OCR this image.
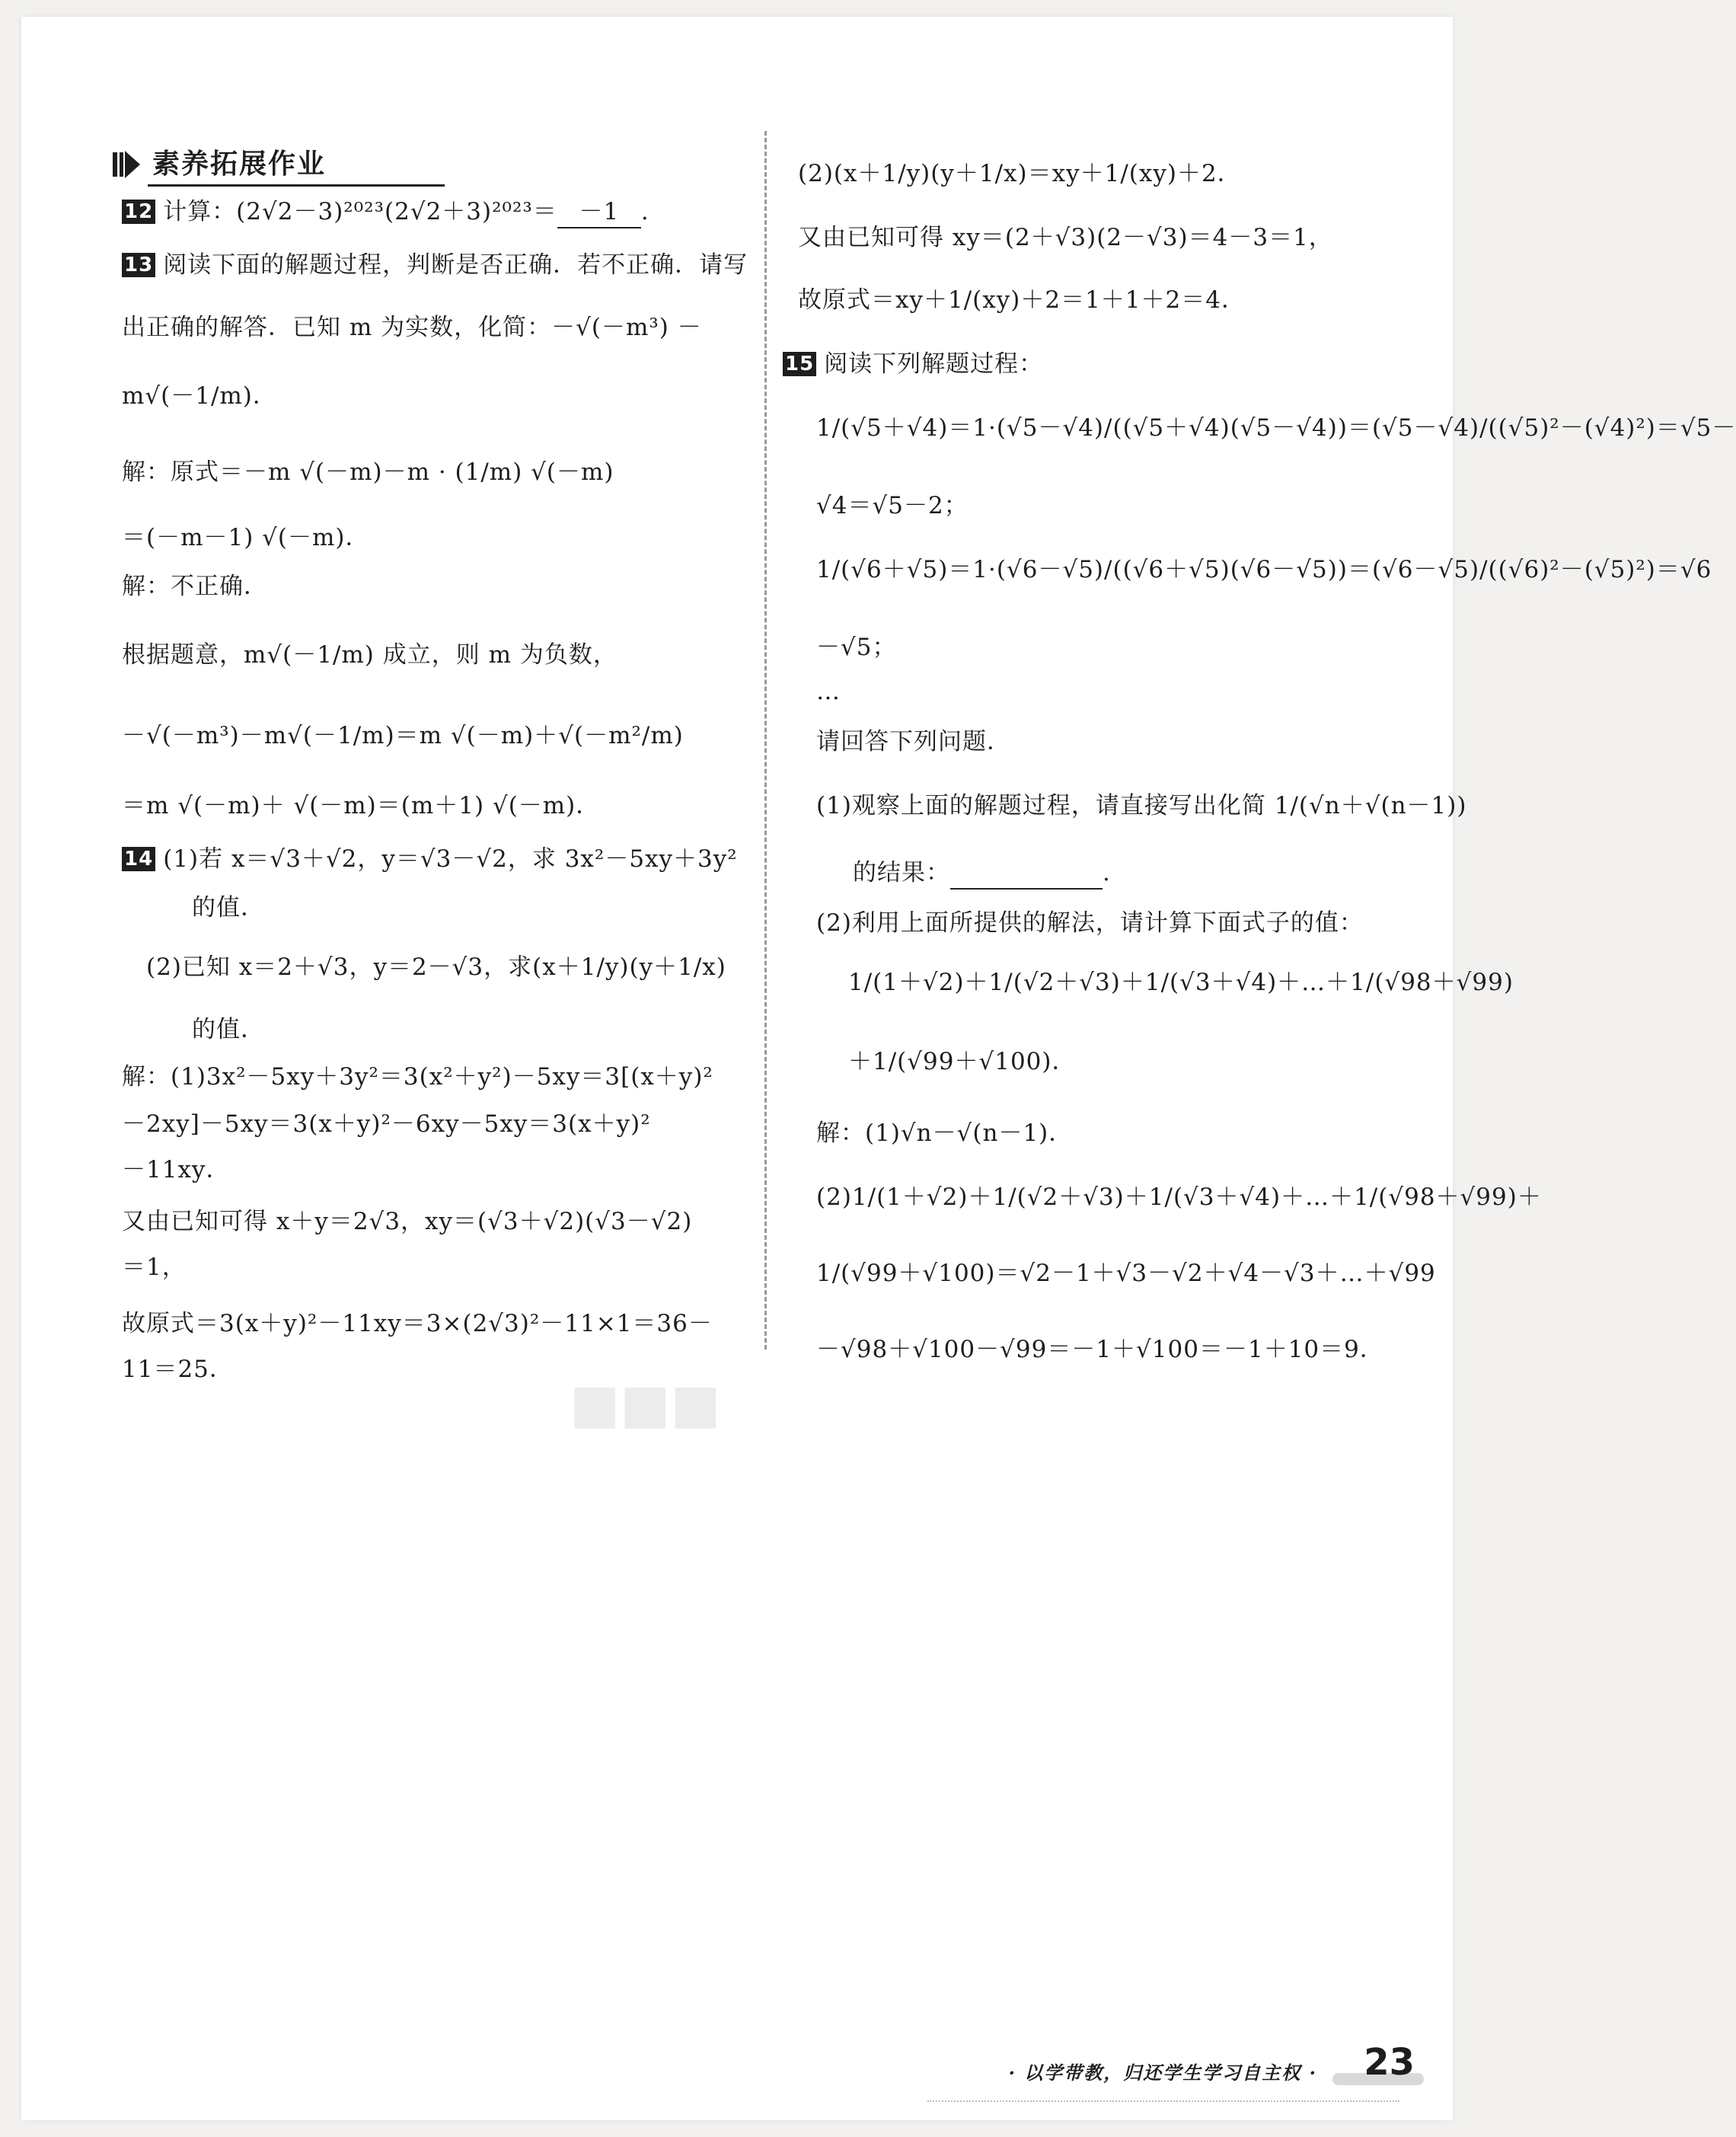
素养拓展作业
■■■
12 计算：(2√2－3)²⁰²³(2√2＋3)²⁰²³＝ －1 .
13 阅读下面的解题过程，判断是否正确．若不正确．请写
出正确的解答．已知 m 为实数，化简：－√(－m³) －
m√(－1/m)．
解：原式＝－m √(－m)－m · (1/m) √(－m)
＝(－m－1) √(－m)．
解：不正确．
根据题意，m√(－1/m) 成立，则 m 为负数，
－√(－m³)－m√(－1/m)＝m √(－m)＋√(－m²/m)
＝m √(－m)＋ √(－m)＝(m＋1) √(－m)．
14 (1)若 x＝√3＋√2，y＝√3－√2，求 3x²－5xy＋3y²
的值．
(2)已知 x＝2＋√3，y＝2－√3，求(x＋1/y)(y＋1/x)
的值．
解：(1)3x²－5xy＋3y²＝3(x²＋y²)－5xy＝3[(x＋y)²
－2xy]－5xy＝3(x＋y)²－6xy－5xy＝3(x＋y)²
－11xy．
又由已知可得 x＋y＝2√3，xy＝(√3＋√2)(√3－√2)
＝1，
故原式＝3(x＋y)²－11xy＝3×(2√3)²－11×1＝36－
11＝25．
(2)(x＋1/y)(y＋1/x)＝xy＋1/(xy)＋2．
又由已知可得 xy＝(2＋√3)(2－√3)＝4－3＝1，
故原式＝xy＋1/(xy)＋2＝1＋1＋2＝4．
15 阅读下列解题过程：
1/(√5＋√4)＝1·(√5－√4)/((√5＋√4)(√5－√4))＝(√5－√4)/((√5)²－(√4)²)＝√5－
√4＝√5－2；
1/(√6＋√5)＝1·(√6－√5)/((√6＋√5)(√6－√5))＝(√6－√5)/((√6)²－(√5)²)＝√6
－√5；
…
请回答下列问题．
(1)观察上面的解题过程，请直接写出化简 1/(√n＋√(n－1))
的结果：	.
(2)利用上面所提供的解法，请计算下面式子的值：
1/(1＋√2)＋1/(√2＋√3)＋1/(√3＋√4)＋…＋1/(√98＋√99)
＋1/(√99＋√100)．
解：(1)√n－√(n－1)．
(2)1/(1＋√2)＋1/(√2＋√3)＋1/(√3＋√4)＋…＋1/(√98＋√99)＋
1/(√99＋√100)＝√2－1＋√3－√2＋√4－√3＋…＋√99
－√98＋√100－√99＝－1＋√100＝－1＋10＝9．
· 以学带教，归还学生学习自主权 · 23
